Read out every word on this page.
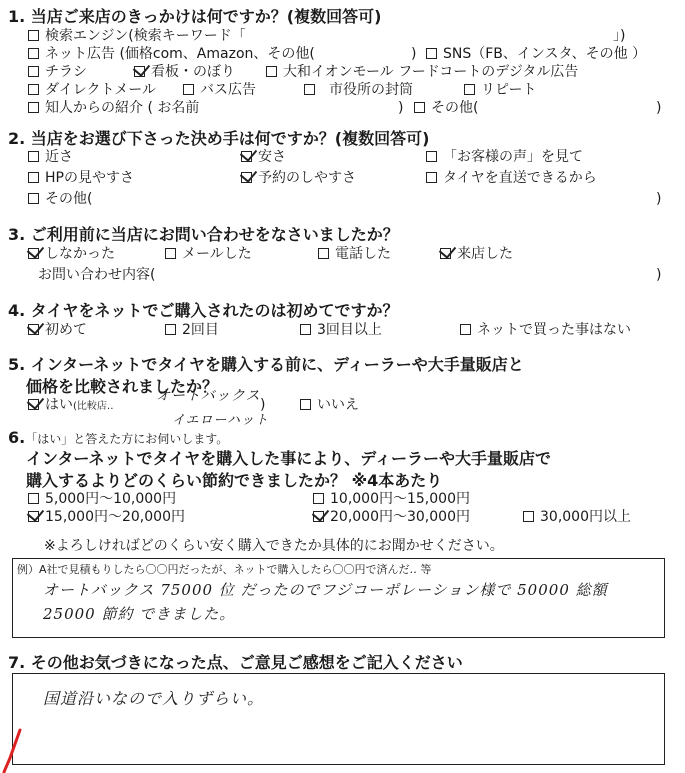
1. 当店ご来店のきっかけは何ですか？(複数回答可)
検索エンジン(検索キーワード「	」)
ネット広告 (価格com、Amazon、その他(	)	SNS（FB、インスタ、その他 ）
チラシ	看板・のぼり	大和イオンモール フードコートのデジタル広告
ダイレクトメール	バス広告	市役所の封筒	リピート
知人からの紹介 ( お名前	)	その他(	)
2. 当店をお選び下さった決め手は何ですか？(複数回答可)
近さ	安さ	「お客様の声」を見て
HPの見やすさ	予約のしやすさ	タイヤを直送できるから
その他(	)
3. ご利用前に当店にお問い合わせをなさいましたか？
しなかった	メールした	電話した	来店した
お問い合わせ内容(	)
4. タイヤをネットでご購入されたのは初めてですか？
初めて	2回目	3回目以上	ネットで買った事はない
5. インターネットでタイヤを購入する前に、ディーラーや大手量販店と
価格を比較されましたか？
はい(比較店‥
オートバックス
)	いいえ
イエローハット
6.「はい」と答えた方にお伺いします。
インターネットでタイヤを購入した事により、ディーラーや大手量販店で
購入するよりどのくらい節約できましたか？ ※4本あたり
5,000円～10,000円	10,000円～15,000円
15,000円～20,000円	20,000円～30,000円	30,000円以上
※よろしければどのくらい安く購入できたか具体的にお聞かせください。
例）A社で見積もりしたら〇〇円だったが、ネットで購入したら〇〇円で済んだ‥ 等
オートバックス 75000 位 だったのでフジコーポレーション様で 50000 総額
25000 節約 できました。
7. その他お気づきになった点、ご意見ご感想をご記入ください
国道沿いなので入りずらい。
